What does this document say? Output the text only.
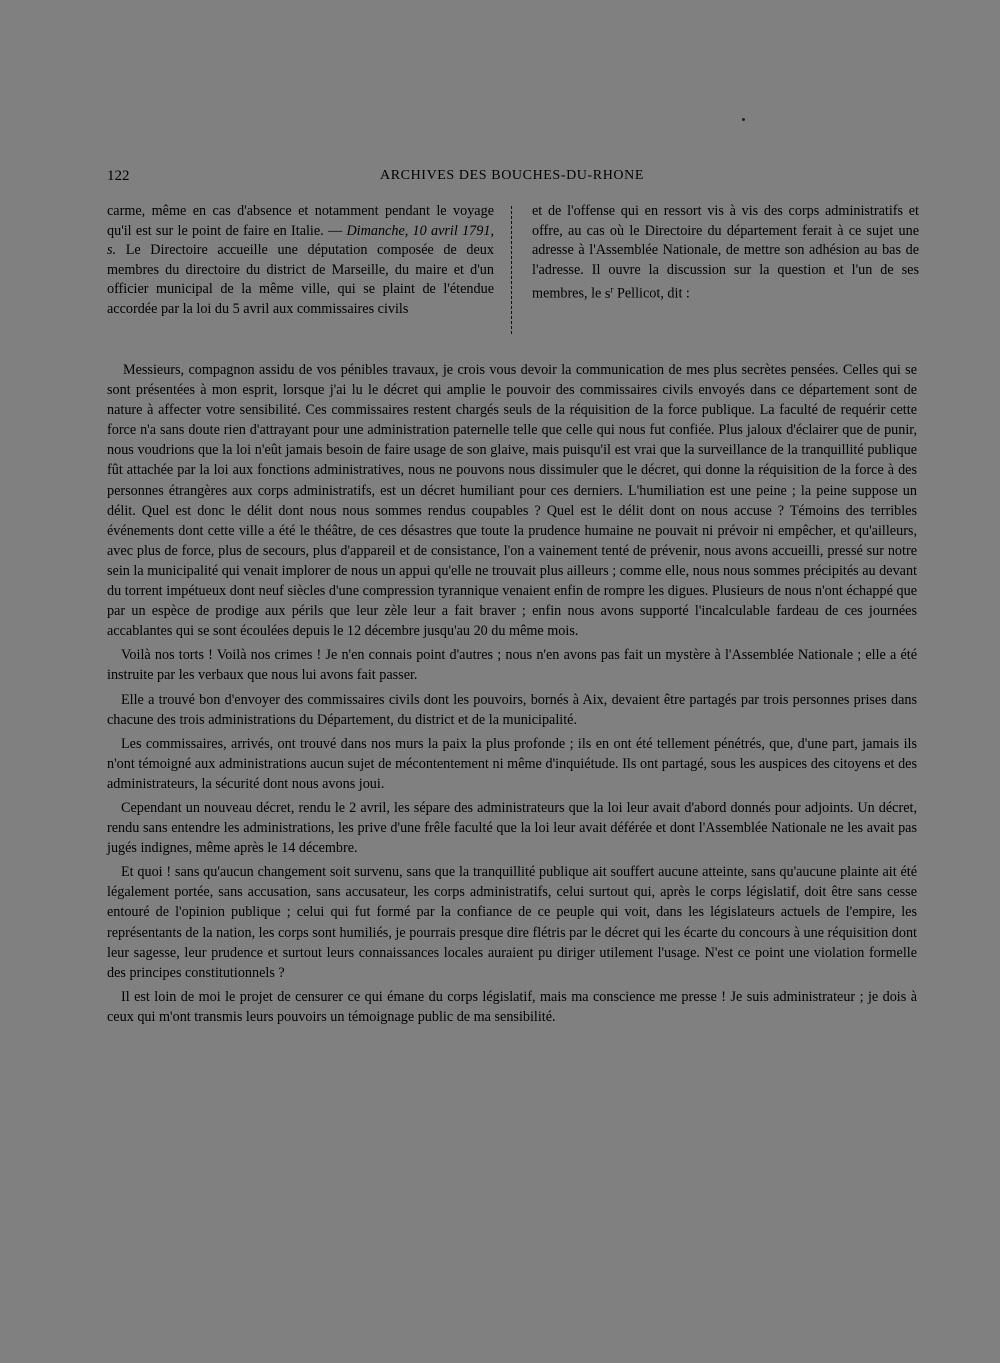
122	ARCHIVES DES BOUCHES-DU-RHONE

carme, même en cas d'absence et notamment pendant le voyage qu'il est sur le point de faire en Italie. — Dimanche, 10 avril 1791, s. Le Directoire accueille une députation composée de deux membres du directoire du district de Marseille, du maire et d'un officier municipal de la même ville, qui se plaint de l'étendue accordée par la loi du 5 avril aux commissaires civils

et de l'offense qui en ressort vis à vis des corps administratifs et offre, au cas où le Directoire du département ferait à ce sujet une adresse à l'Assemblée Nationale, de mettre son adhésion au bas de l'adresse. Il ouvre la discussion sur la question et l'un de ses membres, le $s^r$ Pellicot, dit :

Messieurs, compagnon assidu de vos pénibles travaux, je crois vous devoir la communication de mes plus secrètes pensées. Celles qui se sont présentées à mon esprit, lorsque j'ai lu le décret qui amplie le pouvoir des commissaires civils envoyés dans ce département sont de nature à affecter votre sensibilité. Ces commissaires restent chargés seuls de la réquisition de la force publique. La faculté de requérir cette force n'a sans doute rien d'attrayant pour une administration paternelle telle que celle qui nous fut confiée. Plus jaloux d'éclairer que de punir, nous voudrions que la loi n'eût jamais besoin de faire usage de son glaive, mais puisqu'il est vrai que la surveillance de la tranquillité publique fût attachée par la loi aux fonctions administratives, nous ne pouvons nous dissimuler que le décret, qui donne la réquisition de la force à des personnes étrangères aux corps administratifs, est un décret humiliant pour ces derniers. L'humiliation est une peine ; la peine suppose un délit. Quel est donc le délit dont nous nous sommes rendus coupables ? Quel est le délit dont on nous accuse ? Témoins des terribles événements dont cette ville a été le théâtre, de ces désastres que toute la prudence humaine ne pouvait ni prévoir ni empêcher, et qu'ailleurs, avec plus de force, plus de secours, plus d'appareil et de consistance, l'on a vainement tenté de prévenir, nous avons accueilli, pressé sur notre sein la municipalité qui venait implorer de nous un appui qu'elle ne trouvait plus ailleurs ; comme elle, nous nous sommes précipités au devant du torrent impétueux dont neuf siècles d'une compression tyrannique venaient enfin de rompre les digues. Plusieurs de nous n'ont échappé que par un espèce de prodige aux périls que leur zèle leur a fait braver ; enfin nous avons supporté l'incalculable fardeau de ces journées accablantes qui se sont écoulées depuis le 12 décembre jusqu'au 20 du même mois.

Voilà nos torts ! Voilà nos crimes ! Je n'en connais point d'autres ; nous n'en avons pas fait un mystère à l'Assemblée Nationale ; elle a été instruite par les verbaux que nous lui avons fait passer.

Elle a trouvé bon d'envoyer des commissaires civils dont les pouvoirs, bornés à Aix, devaient être partagés par trois personnes prises dans chacune des trois administrations du Département, du district et de la municipalité.

Les commissaires, arrivés, ont trouvé dans nos murs la paix la plus profonde ; ils en ont été tellement pénétrés, que, d'une part, jamais ils n'ont témoigné aux administrations aucun sujet de mécontentement ni même d'inquiétude. Ils ont partagé, sous les auspices des citoyens et des administrateurs, la sécurité dont nous avons joui.

Cependant un nouveau décret, rendu le 2 avril, les sépare des administrateurs que la loi leur avait d'abord donnés pour adjoints. Un décret, rendu sans entendre les administrations, les prive d'une frêle faculté que la loi leur avait déférée et dont l'Assemblée Nationale ne les avait pas jugés indignes, même après le 14 décembre.

Et quoi ! sans qu'aucun changement soit survenu, sans que la tranquillité publique ait souffert aucune atteinte, sans qu'aucune plainte ait été légalement portée, sans accusation, sans accusateur, les corps administratifs, celui surtout qui, après le corps législatif, doit être sans cesse entouré de l'opinion publique ; celui qui fut formé par la confiance de ce peuple qui voit, dans les législateurs actuels de l'empire, les représentants de la nation, les corps sont humiliés, je pourrais presque dire flétris par le décret qui les écarte du concours à une réquisition dont leur sagesse, leur prudence et surtout leurs connaissances locales auraient pu diriger utilement l'usage. N'est ce point une violation formelle des principes constitutionnels ?

Il est loin de moi le projet de censurer ce qui émane du corps législatif, mais ma conscience me presse ! Je suis administrateur ; je dois à ceux qui m'ont transmis leurs pouvoirs un témoignage public de ma sensibilité.
